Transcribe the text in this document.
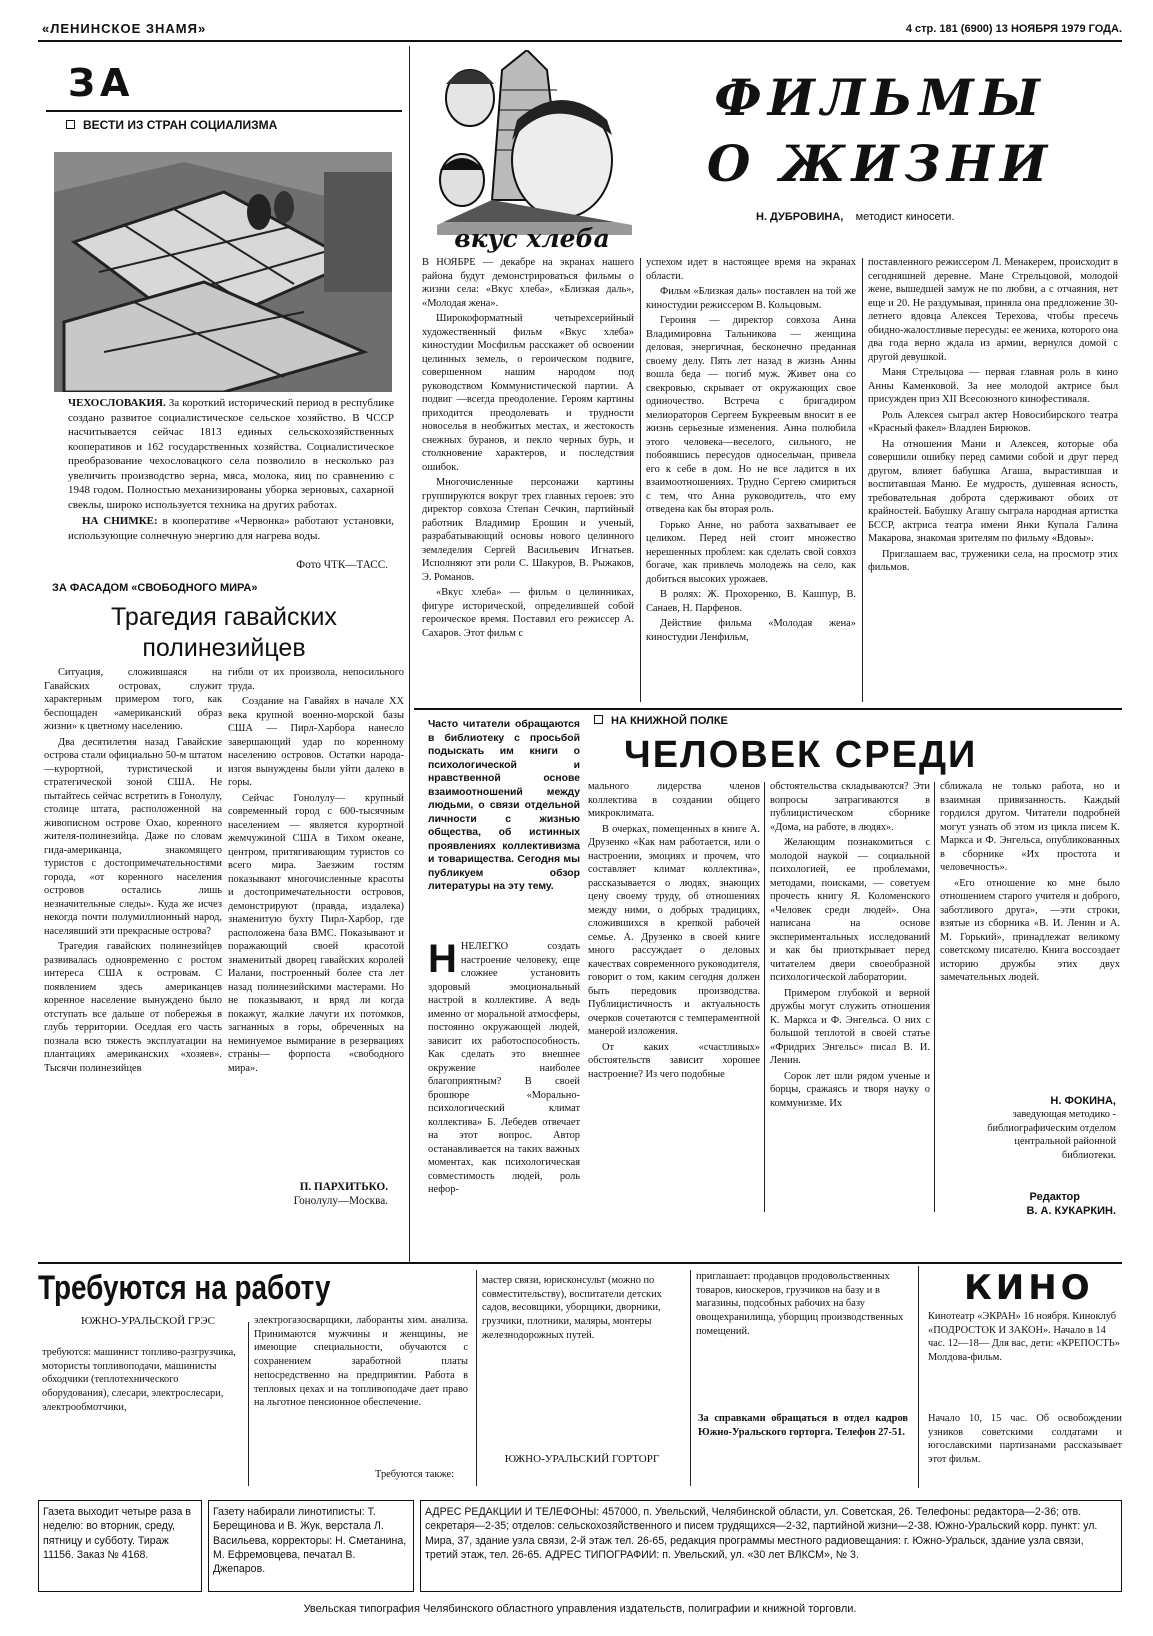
«ЛЕНИНСКОЕ ЗНАМЯ»	4 стр. 181 (6900) 13 НОЯБРЯ 1979 ГОДА.
ЗА
ВЕСТИ ИЗ СТРАН СОЦИАЛИЗМА

ЧЕХОСЛОВАКИЯ. За короткий исторический период в республике создано развитое социалистическое сельское хозяйство. В ЧССР насчитывается сейчас 1813 единых сельскохозяйственных кооперативов и 162 государственных хозяйства. Социалистическое преобразование чехословацкого села позволило в несколько раз увеличить производство зерна, мяса, молока, яиц по сравнению с 1948 годом. Полностью механизированы уборка зерновых, сахарной свеклы, широко используется техника на других работах.

НА СНИМКЕ: в кооперативе «Червонка» работают установки, использующие солнечную энергию для нагрева воды.

Фото ЧТК—ТАСС.
ЗА ФАСАДОМ «СВОБОДНОГО МИРА»
Трагедия гавайских полинезийцев

Ситуация, сложившаяся на Гавайских островах, служит характерным примером того, как беспощаден «американский образ жизни» к цветному населению.

Два десятилетия назад Гавайские острова стали официально 50-м штатом—курортной, туристической и стратегической зоной США. Не пытайтесь сейчас встретить в Гонолулу, столице штата, расположенной на живописном острове Охао, коренного жителя-полинезийца. Даже по словам гида-американца, знакомящего туристов с достопримечательностями города, «от коренного населения островов остались лишь незначительные следы». Куда же исчез некогда почти полумиллионный народ, населявший эти прекрасные острова?

Трагедия гавайских полинезийцев развивалась одновременно с ростом интереса США к островам. С появлением здесь американцев коренное население вынуждено было отступать все дальше от побережья в глубь территории. Оседлая его часть познала всю тяжесть эксплуатации на плантациях американских «хозяев». Тысячи полинезийцев

гибли от их произвола, непосильного труда.

Создание на Гавайях в начале XX века крупной военно-морской базы США — Пирл-Харбора нанесло завершающий удар по коренному населению островов. Остатки народа-изгоя вынуждены были уйти далеко в горы.

Сейчас Гонолулу— крупный современный город с 600-тысячным населением — является курортной жемчужиной США в Тихом океане, центром, притягивающим туристов со всего мира. Заезжим гостям показывают многочисленные красоты и достопримечательности островов, демонстрируют (правда, издалека) знаменитую бухту Пирл-Харбор, где расположена база ВМС. Показывают и поражающий своей красотой знаменитый дворец гавайских королей Иалани, построенный более ста лет назад полинезийскими мастерами. Но не показывают, и вряд ли когда покажут, жалкие лачуги их потомков, загнанных в горы, обреченных на неминуемое вымирание в резервациях страны— форпоста «свободного мира».

П. ПАРХИТЬКО.
Гонолулу—Москва.
вкус хлеба
ФИЛЬМЫ
О ЖИЗНИ
Н. ДУБРОВИНА, методист киносети.

В НОЯБРЕ — декабре на экранах нашего района будут демонстрироваться фильмы о жизни села: «Вкус хлеба», «Близкая даль», «Молодая жена».

Широкоформатный четырехсерийный художественный фильм «Вкус хлеба» киностудии Мосфильм расскажет об освоении целинных земель, о героическом подвиге, совершенном нашим народом под руководством Коммунистической партии. А подвиг —всегда преодоление. Героям картины приходится преодолевать и трудности новоселья в необжитых местах, и жестокость снежных буранов, и пекло черных бурь, и столкновение характеров, и последствия ошибок.

Многочисленные персонажи картины группируются вокруг трех главных героев: это директор совхоза Степан Сечкин, партийный работник Владимир Ерошин и ученый, разрабатывающий основы нового целинного земледелия Сергей Васильевич Игнатьев. Исполняют эти роли С. Шакуров, В. Рыжаков, Э. Романов.

«Вкус хлеба» — фильм о целинниках, фигуре исторической, определившей собой героическое время. Поставил его режиссер А. Сахаров. Этот фильм с

успехом идет в настоящее время на экранах области.

Фильм «Близкая даль» поставлен на той же киностудии режиссером В. Кольцовым.

Героиня — директор совхоза Анна Владимировна Тальникова — женщина деловая, энергичная, бесконечно преданная своему делу. Пять лет назад в жизнь Анны вошла беда — погиб муж. Живет она со свекровью, скрывает от окружающих свое одиночество. Встреча с бригадиром мелиораторов Сергеем Букреевым вносит в ее жизнь серьезные изменения. Анна полюбила этого человека—веселого, сильного, не побоявшись пересудов односельчан, привела его к себе в дом. Но не все ладится в их взаимоотношениях. Трудно Сергею смириться с тем, что Анна руководитель, что ему отведена как бы вторая роль.

Горько Анне, но работа захватывает ее целиком. Перед ней стоит множество нерешенных проблем: как сделать свой совхоз богаче, как привлечь молодежь на село, как добиться высоких урожаев.

В ролях: Ж. Прохоренко, В. Кашпур, В. Санаев, Н. Парфенов.

Действие фильма «Молодая жена» киностудии Ленфильм,

поставленного режиссером Л. Менакерем, происходит в сегодняшней деревне. Мане Стрельцовой, молодой жене, вышедшей замуж не по любви, а с отчаяния, нет еще и 20. Не раздумывая, приняла она предложение 30-летнего вдовца Алексея Терехова, чтобы пресечь обидно-жалостливые пересуды: ее жениха, которого она два года верно ждала из армии, вернулся домой с другой девушкой.

Маня Стрельцова — первая главная роль в кино Анны Каменковой. За нее молодой актрисе был присужден приз XII Всесоюзного кинофестиваля.

Роль Алексея сыграл актер Новосибирского театра «Красный факел» Владлен Бирюков.

На отношения Мани и Алексея, которые оба совершили ошибку перед самими собой и друг перед другом, влияет бабушка Агаша, вырастившая и воспитавшая Маню. Ее мудрость, душевная ясность, требовательная доброта сдерживают обоих от крайностей. Бабушку Агашу сыграла народная артистка БССР, актриса театра имени Янки Купала Галина Макарова, знакомая зрителям по фильму «Вдовы».

Приглашаем вас, труженики села, на просмотр этих фильмов.

Часто читатели обращаются в библиотеку с просьбой подыскать им книги о психологической и нравственной основе взаимоотношений между людьми, о связи отдельной личности с жизнью общества, об истинных проявлениях коллективизма и товарищества. Сегодня мы публикуем обзор литературы на эту тему.
НА КНИЖНОЙ ПОЛКЕ
ЧЕЛОВЕК СРЕДИ

ННЕЛЕГКО создать настроение человеку, еще сложнее установить здоровый эмоциональный настрой в коллективе. А ведь именно от моральной атмосферы, постоянно окружающей людей, зависит их работоспособность. Как сделать это внешнее окружение наиболее благоприятным? В своей брошюре «Морально-психологический климат коллектива» Б. Лебедев отвечает на этот вопрос. Автор останавливается на таких важных моментах, как психологическая совместимость людей, роль нефор-

мального лидерства членов коллектива в создании общего микроклимата.

В очерках, помещенных в книге А. Друзенко «Как нам работается, или о настроении, эмоциях и прочем, что составляет климат коллектива», рассказывается о людях, знающих цену своему труду, об отношениях между ними, о добрых традициях, сложившихся в крепкой рабочей семье. А. Друзенко в своей книге много рассуждает о деловых качествах современного руководителя, говорит о том, каким сегодня должен быть передовик производства. Публицистичность и актуальность очерков сочетаются с темпераментной манерой изложения.

От каких «счастливых» обстоятельств зависит хорошее настроение? Из чего подобные

обстоятельства складываются? Эти вопросы затрагиваются в публицистическом сборнике «Дома, на работе, в людях».

Желающим познакомиться с молодой наукой — социальной психологией, ее проблемами, методами, поисками, — советуем прочесть книгу Я. Коломенского «Человек среди людей». Она написана на основе экспериментальных исследований и как бы приоткрывает перед читателем двери своеобразной психологической лаборатории.

Примером глубокой и верной дружбы могут служить отношения К. Маркса и Ф. Энгельса. О них с большой теплотой в своей статье «Фридрих Энгельс» писал В. И. Ленин.

Сорок лет шли рядом ученые и борцы, сражаясь и творя науку о коммунизме. Их

сближала не только работа, но и взаимная привязанность. Каждый гордился другом. Читатели подробней могут узнать об этом из цикла писем К. Маркса и Ф. Энгельса, опубликованных в сборнике «Их простота и человечность».

«Его отношение ко мне было отношением старого учителя и доброго, заботливого друга», —эти строки, взятые из сборника «В. И. Ленин и А. М. Горький», принадлежат великому советскому писателю. Книга воссоздает историю дружбы этих двух замечательных людей.

Н. ФОКИНА,
заведующая методико - библиографическим отделом центральной районной библиотеки.
Редактор
В. А. КУКАРКИН.
Требуются на работу
ЮЖНО-УРАЛЬСКОЙ ГРЭС
требуются: машинист топливо-разгрузчика, мотористы топливоподачи, машинисты обходчики (теплотехнического оборудования), слесари, электрослесари, электрообмотчики,
электрогазосварщики, лаборанты хим. анализа. Принимаются мужчины и женщины, не имеющие специальности, обучаются с сохранением заработной платы непосредственно на предприятии. Работа в тепловых цехах и на топливоподаче дает право на льготное пенсионное обеспечение.
Требуются также:
мастер связи, юрисконсульт (можно по совместительству), воспитатели детских садов, весовщики, уборщики, дворники, грузчики, плотники, маляры, монтеры железнодорожных путей.
ЮЖНО-УРАЛЬСКИЙ ГОРТОРГ
приглашает: продавцов продовольственных товаров, киоскеров, грузчиков на базу и в магазины, подсобных рабочих на базу овощехранилища, уборщиц производственных помещений.
За справками обращаться в отдел кадров Южно-Уральского горторга. Телефон 27-51.
КИНО
Кинотеатр «ЭКРАН» 16 ноября. Киноклуб «ПОДРОСТОК И ЗАКОН». Начало в 14 час. 12—18— Для вас, дети: «КРЕПОСТЬ» Молдова-фильм.
Начало 10, 15 час. Об освобождении узников советскими солдатами и югославскими партизанами рассказывает этот фильм.
Газета выходит четыре раза в неделю: во вторник, среду, пятницу и субботу. Тираж 11156. Заказ № 4168.
Газету набирали линотиписты: Т. Берещинова и В. Жук, верстала Л. Васильева, корректоры: Н. Сметанина, М. Ефремовцева, печатал В. Джепаров.
АДРЕС РЕДАКЦИИ И ТЕЛЕФОНЫ: 457000, п. Увельский, Челябинской области, ул. Советская, 26. Телефоны: редактора—2-36; отв. секретаря—2-35; отделов: сельскохозяйственного и писем трудящихся—2-32, партийной жизни—2-38. Южно-Уральский корр. пункт: ул. Мира, 37, здание узла связи, 2-й этаж тел. 26-65, редакция программы местного радиовещания: г. Южно-Уральск, здание узла связи, третий этаж, тел. 26-65. АДРЕС ТИПОГРАФИИ: п. Увельский, ул. «30 лет ВЛКСМ», № 3.
Увельская типография Челябинского областного управления издательств, полиграфии и книжной торговли.
